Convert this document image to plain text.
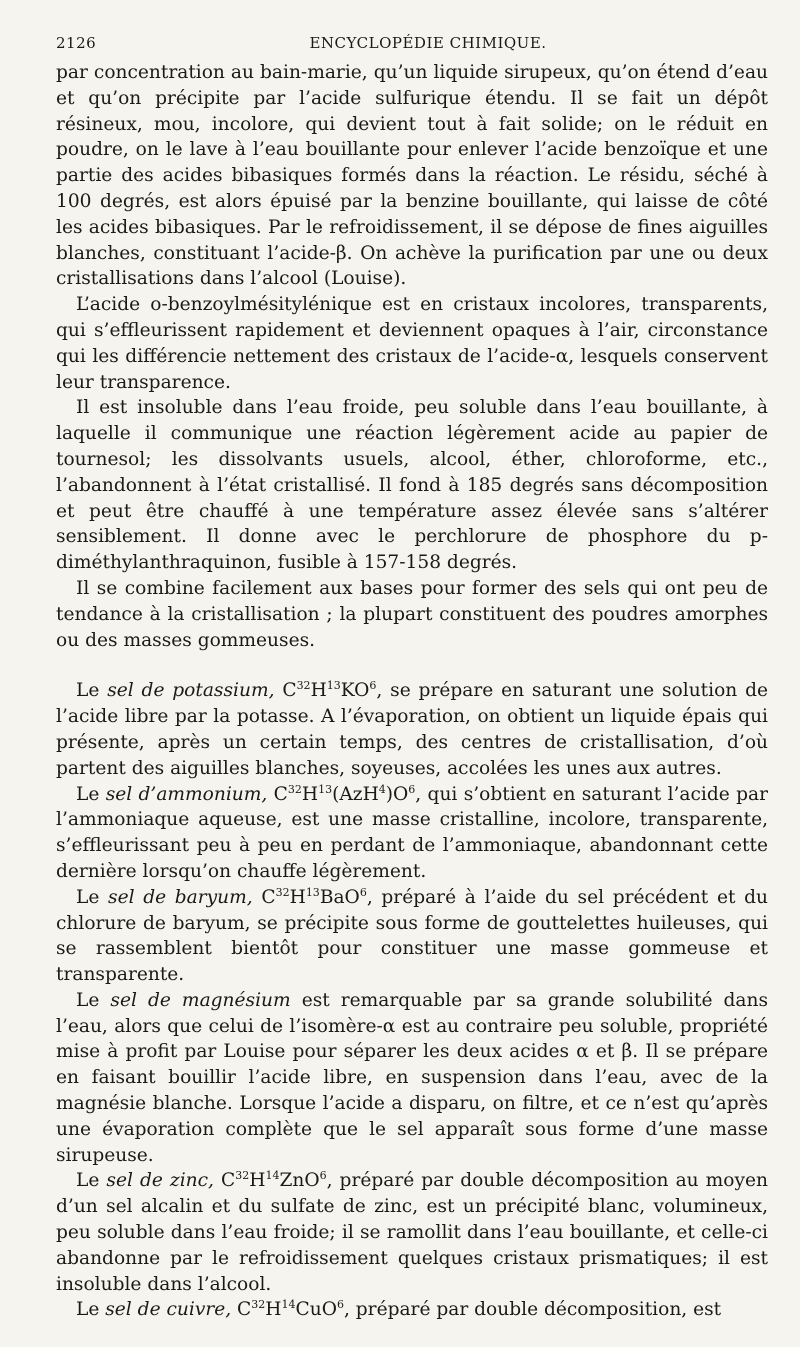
2126	ENCYCLOPÉDIE CHIMIQUE.

par concentration au bain-marie, qu’un liquide sirupeux, qu’on étend d’eau et qu’on précipite par l’acide sulfurique étendu. Il se fait un dépôt résineux, mou, incolore, qui devient tout à fait solide; on le réduit en poudre, on le lave à l’eau bouillante pour enlever l’acide benzoïque et une partie des acides bibasiques formés dans la réaction. Le résidu, séché à 100 degrés, est alors épuisé par la benzine bouillante, qui laisse de côté les acides bibasiques. Par le refroidissement, il se dépose de fines aiguilles blanches, constituant l’acide-β. On achève la purification par une ou deux cristallisations dans l’alcool (Louise).

L’acide o-benzoylmésitylénique est en cristaux incolores, transparents, qui s’effleurissent rapidement et deviennent opaques à l’air, circonstance qui les différencie nettement des cristaux de l’acide-α, lesquels conservent leur transparence.

Il est insoluble dans l’eau froide, peu soluble dans l’eau bouillante, à laquelle il communique une réaction légèrement acide au papier de tournesol; les dissolvants usuels, alcool, éther, chloroforme, etc., l’abandonnent à l’état cristallisé. Il fond à 185 degrés sans décomposition et peut être chauffé à une température assez élevée sans s’altérer sensiblement. Il donne avec le perchlorure de phosphore du p-diméthylanthraquinon, fusible à 157-158 degrés.

Il se combine facilement aux bases pour former des sels qui ont peu de tendance à la cristallisation ; la plupart constituent des poudres amorphes ou des masses gommeuses.

Le sel de potassium, $C^{32}H^{13}KO^6$, se prépare en saturant une solution de l’acide libre par la potasse. A l’évaporation, on obtient un liquide épais qui présente, après un certain temps, des centres de cristallisation, d’où partent des aiguilles blanches, soyeuses, accolées les unes aux autres.

Le sel d’ammonium, $C^{32}H^{13}(AzH^4)O^6$, qui s’obtient en saturant l’acide par l’ammoniaque aqueuse, est une masse cristalline, incolore, transparente, s’effleurissant peu à peu en perdant de l’ammoniaque, abandonnant cette dernière lorsqu’on chauffe légèrement.

Le sel de baryum, $C^{32}H^{13}BaO^6$, préparé à l’aide du sel précédent et du chlorure de baryum, se précipite sous forme de gouttelettes huileuses, qui se rassemblent bientôt pour constituer une masse gommeuse et transparente.

Le sel de magnésium est remarquable par sa grande solubilité dans l’eau, alors que celui de l’isomère-α est au contraire peu soluble, propriété mise à profit par Louise pour séparer les deux acides α et β. Il se prépare en faisant bouillir l’acide libre, en suspension dans l’eau, avec de la magnésie blanche. Lorsque l’acide a disparu, on filtre, et ce n’est qu’après une évaporation complète que le sel apparaît sous forme d’une masse sirupeuse.

Le sel de zinc, $C^{32}H^{14}ZnO^6$, préparé par double décomposition au moyen d’un sel alcalin et du sulfate de zinc, est un précipité blanc, volumineux, peu soluble dans l’eau froide; il se ramollit dans l’eau bouillante, et celle-ci abandonne par le refroidissement quelques cristaux prismatiques; il est insoluble dans l’alcool.

Le sel de cuivre, $C^{32}H^{14}CuO^6$, préparé par double décomposition, est
